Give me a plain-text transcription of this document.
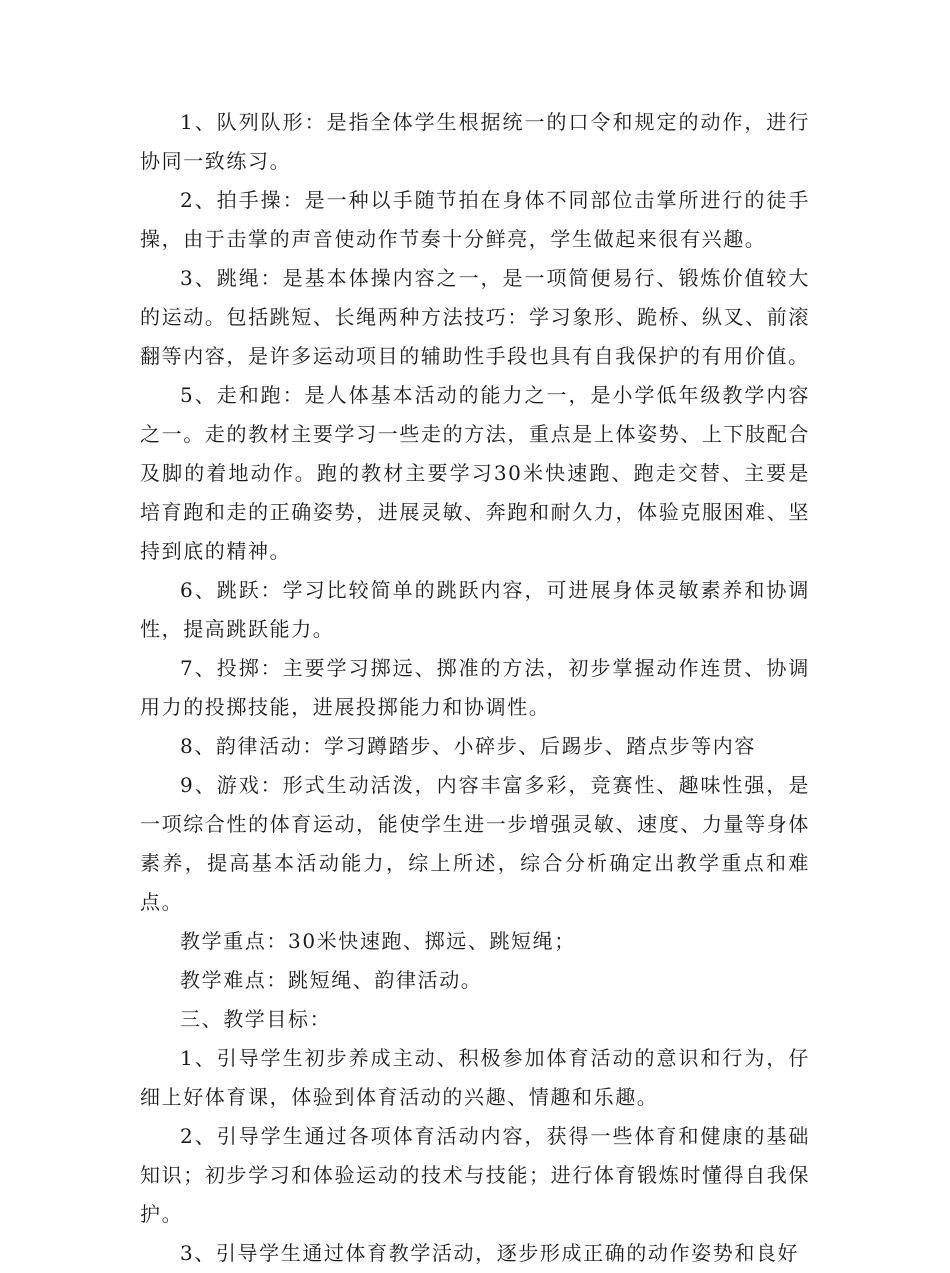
1、队列队形：是指全体学生根据统一的口令和规定的动作，进行协同一致练习。

2、拍手操：是一种以手随节拍在身体不同部位击掌所进行的徒手操，由于击掌的声音使动作节奏十分鲜亮，学生做起来很有兴趣。

3、跳绳：是基本体操内容之一，是一项简便易行、锻炼价值较大的运动。包括跳短、长绳两种方法技巧：学习象形、跪桥、纵叉、前滚翻等内容，是许多运动项目的辅助性手段也具有自我保护的有用价值。

5、走和跑：是人体基本活动的能力之一，是小学低年级教学内容之一。走的教材主要学习一些走的方法，重点是上体姿势、上下肢配合及脚的着地动作。跑的教材主要学习30米快速跑、跑走交替、主要是培育跑和走的正确姿势，进展灵敏、奔跑和耐久力，体验克服困难、坚持到底的精神。

6、跳跃：学习比较简单的跳跃内容，可进展身体灵敏素养和协调性，提高跳跃能力。

7、投掷：主要学习掷远、掷准的方法，初步掌握动作连贯、协调用力的投掷技能，进展投掷能力和协调性。

8、韵律活动：学习蹲踏步、小碎步、后踢步、踏点步等内容

9、游戏：形式生动活泼，内容丰富多彩，竞赛性、趣味性强，是一项综合性的体育运动，能使学生进一步增强灵敏、速度、力量等身体素养，提高基本活动能力，综上所述，综合分析确定出教学重点和难点。

教学重点：30米快速跑、掷远、跳短绳；

教学难点：跳短绳、韵律活动。

三、教学目标：

1、引导学生初步养成主动、积极参加体育活动的意识和行为，仔细上好体育课，体验到体育活动的兴趣、情趣和乐趣。

2、引导学生通过各项体育活动内容，获得一些体育和健康的基础知识；初步学习和体验运动的技术与技能；进行体育锻炼时懂得自我保护。

3、引导学生通过体育教学活动，逐步形成正确的动作姿势和良好
